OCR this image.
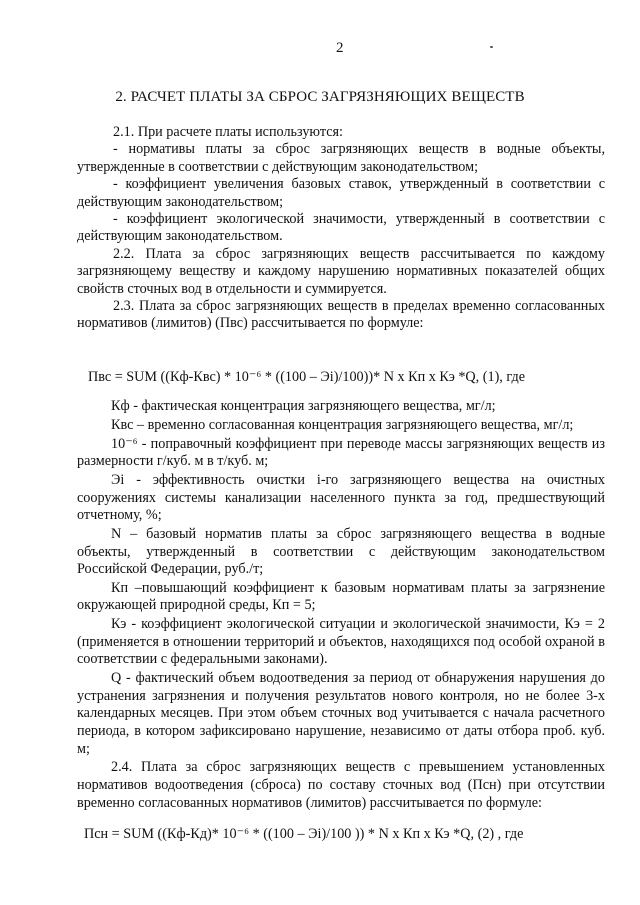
2
2. РАСЧЕТ ПЛАТЫ ЗА СБРОС ЗАГРЯЗНЯЮЩИХ ВЕЩЕСТВ

2.1. При расчете платы используются:

- нормативы платы за сброс загрязняющих веществ в водные объекты, утвержденные в соответствии с действующим законодательством;

- коэффициент увеличения базовых ставок, утвержденный в соответствии с действующим законодательством;

- коэффициент экологической значимости, утвержденный в соответствии с действующим законодательством.

2.2. Плата за сброс загрязняющих веществ рассчитывается по каждому загрязняющему веществу и каждому нарушению нормативных показателей общих свойств сточных вод в отдельности и суммируется.

2.3. Плата за сброс загрязняющих веществ в пределах временно согласованных нормативов (лимитов) (Пвс) рассчитывается по формуле:

Пвс = SUM ((Кф-Квс) * 10⁻⁶ * ((100 – Эi)/100))* N x Кп x Кэ *Q, (1), где

Кф - фактическая концентрация загрязняющего вещества, мг/л;

Квс – временно согласованная концентрация загрязняющего вещества, мг/л;

10⁻⁶ - поправочный коэффициент при переводе массы загрязняющих веществ из размерности г/куб. м в т/куб. м;

Эi - эффективность очистки i-го загрязняющего вещества на очистных сооружениях системы канализации населенного пункта за год, предшествующий отчетному, %;

N – базовый норматив платы за сброс загрязняющего вещества в водные объекты, утвержденный в соответствии с действующим законодательством Российской Федерации, руб./т;

Кп –повышающий коэффициент к базовым нормативам платы за загрязнение окружающей природной среды, Кп = 5;

Кэ - коэффициент экологической ситуации и экологической значимости, Кэ = 2 (применяется в отношении территорий и объектов, находящихся под особой охраной в соответствии с федеральными законами).

Q - фактический объем водоотведения за период от обнаружения нарушения до устранения загрязнения и получения результатов нового контроля, но не более 3-х календарных месяцев. При этом объем сточных вод учитывается с начала расчетного периода, в котором зафиксировано нарушение, независимо от даты отбора проб. куб. м;

2.4. Плата за сброс загрязняющих веществ с превышением установленных нормативов водоотведения (сброса) по составу сточных вод (Псн) при отсутствии временно согласованных нормативов (лимитов) рассчитывается по формуле:

Псн = SUM ((Кф-Кд)* 10⁻⁶ * ((100 – Эi)/100 )) * N x Кп x Кэ *Q, (2) , где
